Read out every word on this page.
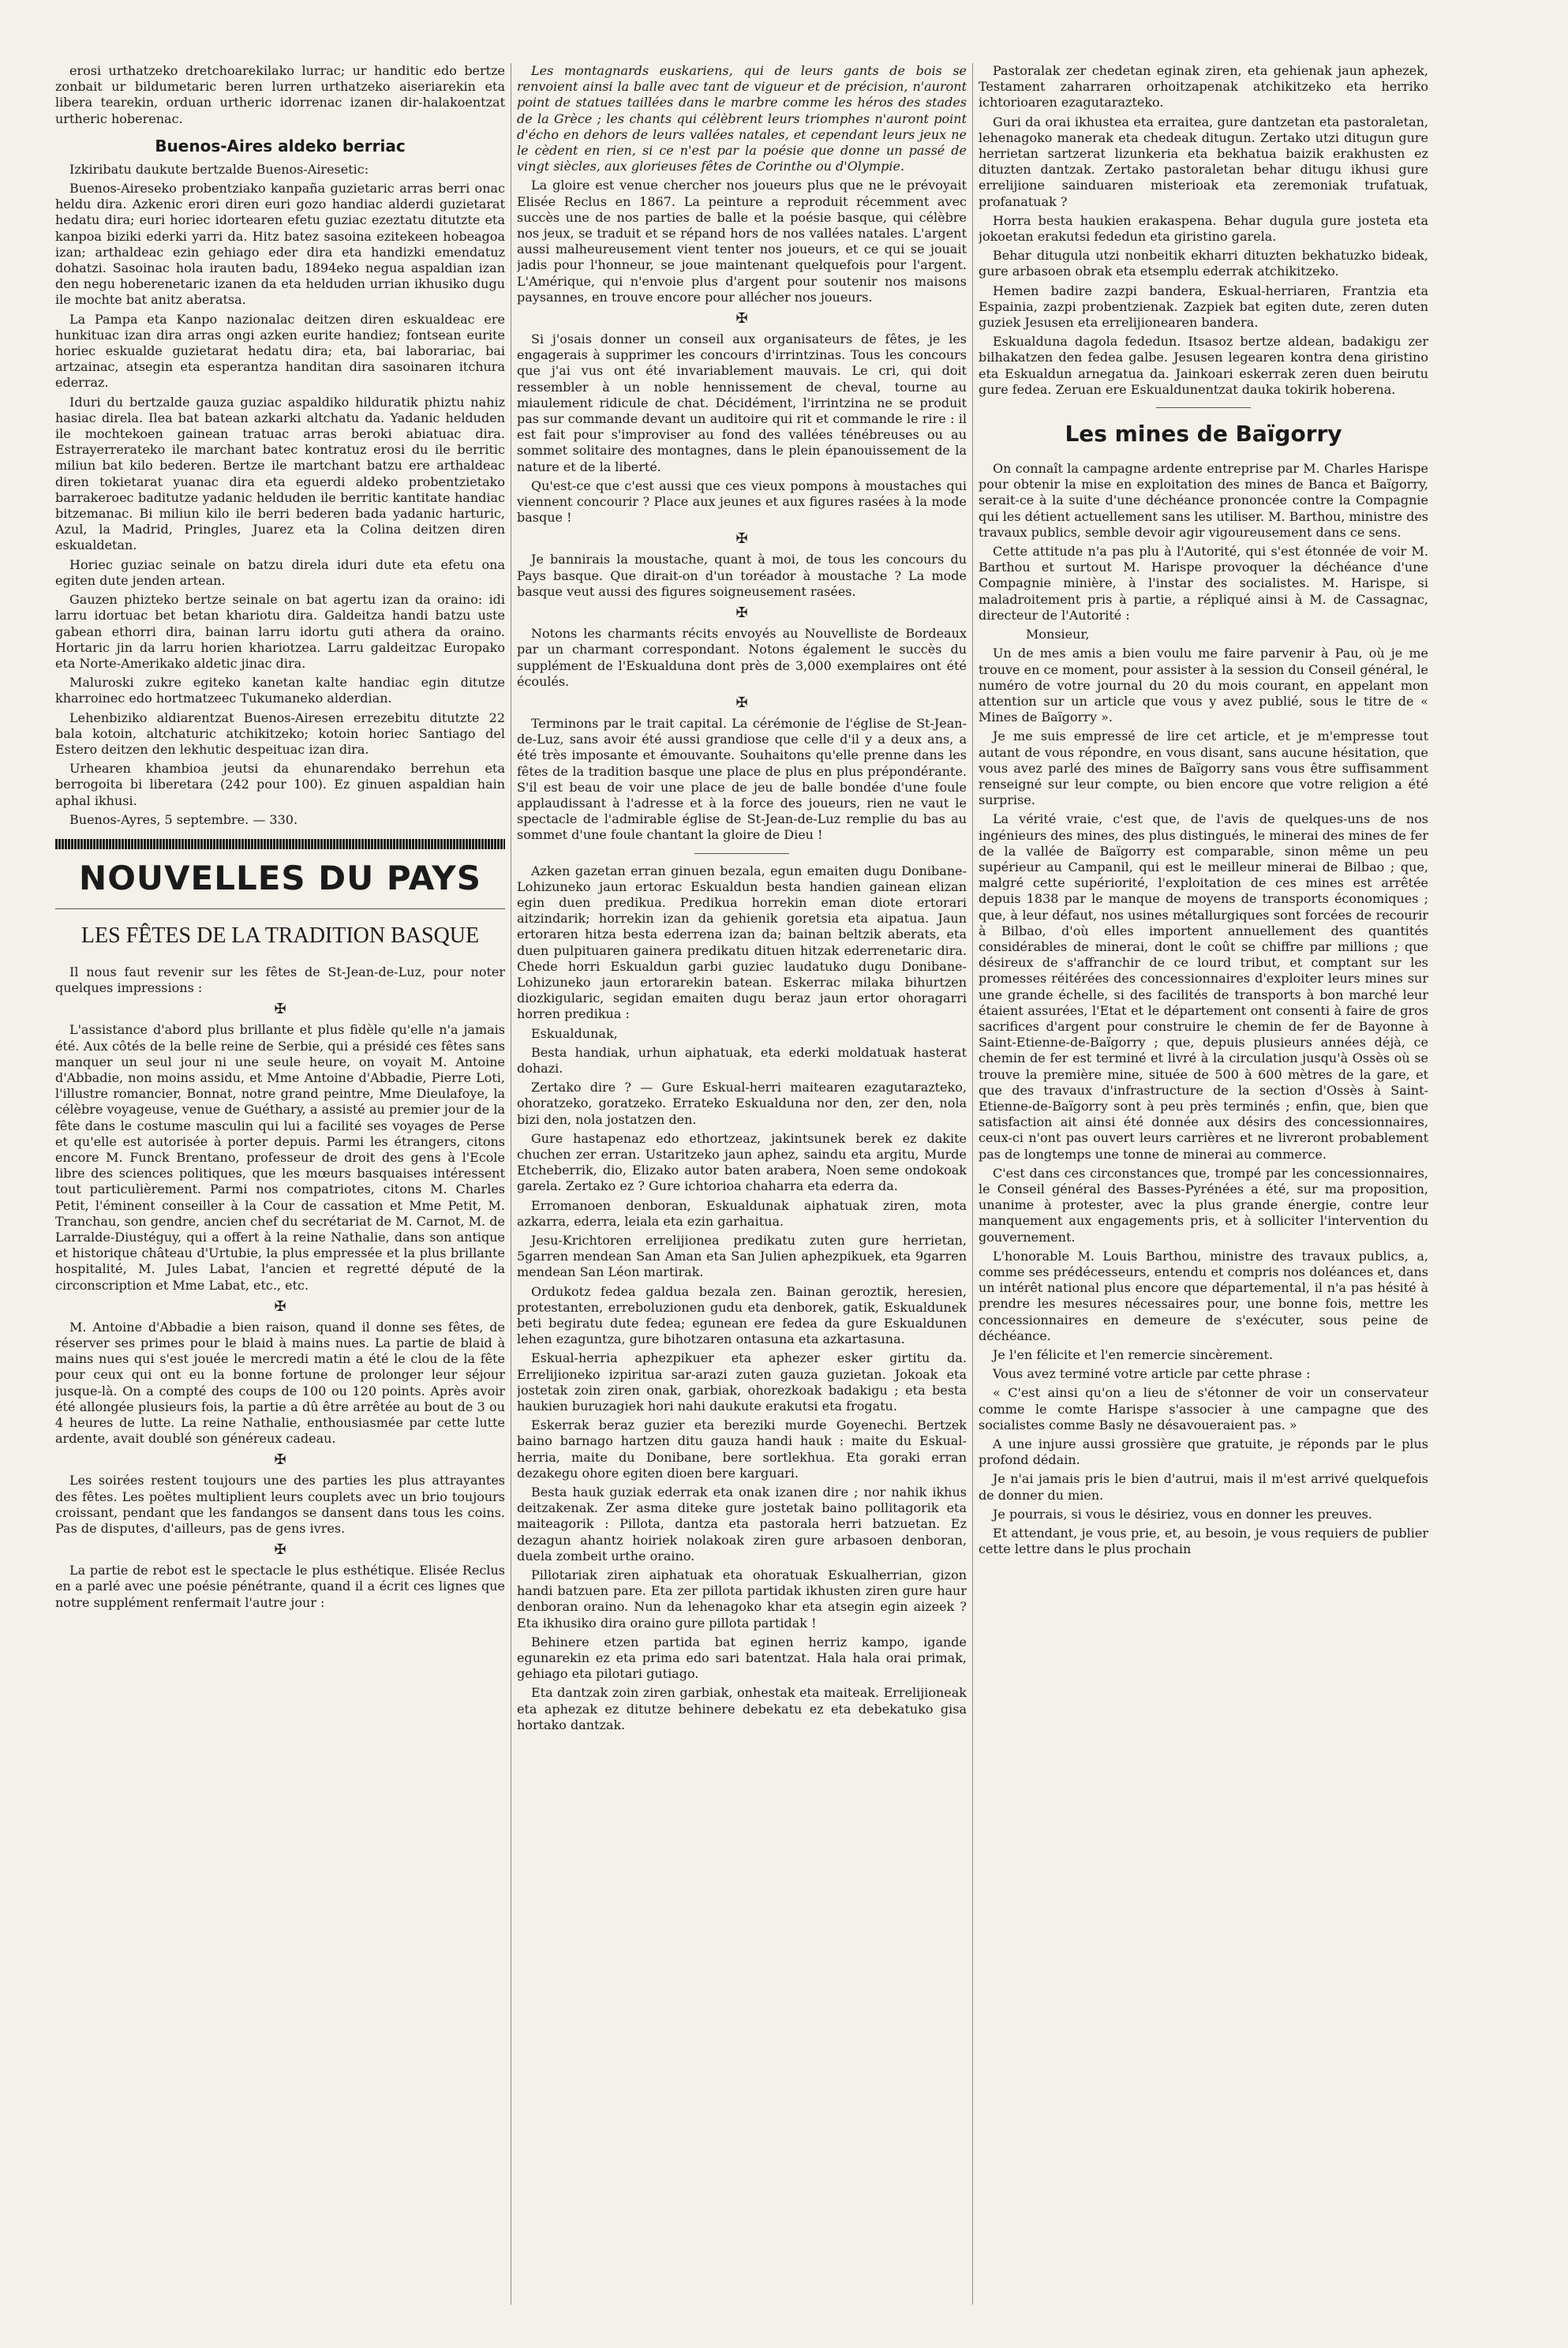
erosi urthatzeko dretchoarekilako lurrac; ur handitic edo bertze zonbait ur bildumetaric beren lurren urthatzeko aiseriarekin eta libera tearekin, orduan urtheric idorrenac izanen dir-halakoentzat urtheric hoberenac.

Buenos-Aires aldeko berriac

Izkiribatu daukute bertzalde Buenos-Airesetic:

Buenos-Aireseko probentziako kanpaña guzietaric arras berri onac heldu dira. Azkenic erori diren euri gozo handiac alderdi guzietarat hedatu dira; euri horiec idortearen efetu guziac ezeztatu ditutzte eta kanpoa biziki ederki yarri da. Hitz batez sasoina ezitekeen hobeagoa izan; arthaldeac ezin gehiago eder dira eta handizki emendatuz dohatzi. Sasoinac hola irauten badu, 1894eko negua aspaldian izan den negu hoberenetaric izanen da eta helduden urrian ikhusiko dugu ile mochte bat anitz aberatsa.

La Pampa eta Kanpo nazionalac deitzen diren eskualdeac ere hunkituac izan dira arras ongi azken eurite handiez; fontsean eurite horiec eskualde guzietarat hedatu dira; eta, bai laborariac, bai artzainac, atsegin eta esperantza handitan dira sasoinaren itchura ederraz.

Iduri du bertzalde gauza guziac aspaldiko hilduratik phiztu nahiz hasiac direla. Ilea bat batean azkarki altchatu da. Yadanic helduden ile mochtekoen gainean tratuac arras beroki abiatuac dira. Estrayerrerateko ile marchant batec kontratuz erosi du ile berritic miliun bat kilo bederen. Bertze ile martchant batzu ere arthaldeac diren tokietarat yuanac dira eta eguerdi aldeko probentzietako barrakeroec baditutze yadanic helduden ile berritic kantitate handiac bitzemanac. Bi miliun kilo ile berri bederen bada yadanic harturic, Azul, la Madrid, Pringles, Juarez eta la Colina deitzen diren eskualdetan.

Horiec guziac seinale on batzu direla iduri dute eta efetu ona egiten dute jenden artean.

Gauzen phizteko bertze seinale on bat agertu izan da oraino: idi larru idortuac bet betan khariotu dira. Galdeitza handi batzu uste gabean ethorri dira, bainan larru idortu guti athera da oraino. Hortaric jin da larru horien khariotzea. Larru galdeitzac Europako eta Norte-Amerikako aldetic jinac dira.

Maluroski zukre egiteko kanetan kalte handiac egin ditutze kharroinec edo hortmatzeec Tukumaneko alderdian.

Lehenbiziko aldiarentzat Buenos-Airesen errezebitu ditutzte 22 bala kotoin, altchaturic atchikitzeko; kotoin horiec Santiago del Estero deitzen den lekhutic despeituac izan dira.

Urhearen khambioa jeutsi da ehunarendako berrehun eta berrogoita bi liberetara (242 pour 100). Ez ginuen aspaldian hain aphal ikhusi.

Buenos-Ayres, 5 septembre. — 330.

NOUVELLES DU PAYS
LES FÊTES DE LA TRADITION BASQUE

Il nous faut revenir sur les fêtes de St-Jean-de-Luz, pour noter quelques impressions :

✠

L'assistance d'abord plus brillante et plus fidèle qu'elle n'a jamais été. Aux côtés de la belle reine de Serbie, qui a présidé ces fêtes sans manquer un seul jour ni une seule heure, on voyait M. Antoine d'Abbadie, non moins assidu, et Mme Antoine d'Abbadie, Pierre Loti, l'illustre romancier, Bonnat, notre grand peintre, Mme Dieulafoye, la célèbre voyageuse, venue de Guéthary, a assisté au premier jour de la fête dans le costume masculin qui lui a facilité ses voyages de Perse et qu'elle est autorisée à porter depuis. Parmi les étrangers, citons encore M. Funck Brentano, professeur de droit des gens à l'Ecole libre des sciences politiques, que les mœurs basquaises intéressent tout particulièrement. Parmi nos compatriotes, citons M. Charles Petit, l'éminent conseiller à la Cour de cassation et Mme Petit, M. Tranchau, son gendre, ancien chef du secrétariat de M. Carnot, M. de Larralde-Diustéguy, qui a offert à la reine Nathalie, dans son antique et historique château d'Urtubie, la plus empressée et la plus brillante hospitalité, M. Jules Labat, l'ancien et regretté député de la circonscription et Mme Labat, etc., etc.

✠

M. Antoine d'Abbadie a bien raison, quand il donne ses fêtes, de réserver ses primes pour le blaid à mains nues. La partie de blaid à mains nues qui s'est jouée le mercredi matin a été le clou de la fête pour ceux qui ont eu la bonne fortune de prolonger leur séjour jusque-là. On a compté des coups de 100 ou 120 points. Après avoir été allongée plusieurs fois, la partie a dû être arrêtée au bout de 3 ou 4 heures de lutte. La reine Nathalie, enthousiasmée par cette lutte ardente, avait doublé son généreux cadeau.

✠

Les soirées restent toujours une des parties les plus attrayantes des fêtes. Les poëtes multiplient leurs couplets avec un brio toujours croissant, pendant que les fandangos se dansent dans tous les coins. Pas de disputes, d'ailleurs, pas de gens ivres.

✠

La partie de rebot est le spectacle le plus esthétique. Elisée Reclus en a parlé avec une poésie pénétrante, quand il a écrit ces lignes que notre supplément renfermait l'autre jour :

Les montagnards euskariens, qui de leurs gants de bois se renvoient ainsi la balle avec tant de vigueur et de précision, n'auront point de statues taillées dans le marbre comme les héros des stades de la Grèce ; les chants qui célèbrent leurs triomphes n'auront point d'écho en dehors de leurs vallées natales, et cependant leurs jeux ne le cèdent en rien, si ce n'est par la poésie que donne un passé de vingt siècles, aux glorieuses fêtes de Corinthe ou d'Olympie.

La gloire est venue chercher nos joueurs plus que ne le prévoyait Elisée Reclus en 1867. La peinture a reproduit récemment avec succès une de nos parties de balle et la poésie basque, qui célèbre nos jeux, se traduit et se répand hors de nos vallées natales. L'argent aussi malheureusement vient tenter nos joueurs, et ce qui se jouait jadis pour l'honneur, se joue maintenant quelquefois pour l'argent. L'Amérique, qui n'envoie plus d'argent pour soutenir nos maisons paysannes, en trouve encore pour allécher nos joueurs.

✠

Si j'osais donner un conseil aux organisateurs de fêtes, je les engagerais à supprimer les concours d'irrintzinas. Tous les concours que j'ai vus ont été invariablement mauvais. Le cri, qui doit ressembler à un noble hennissement de cheval, tourne au miaulement ridicule de chat. Décidément, l'irrintzina ne se produit pas sur commande devant un auditoire qui rit et commande le rire : il est fait pour s'improviser au fond des vallées ténébreuses ou au sommet solitaire des montagnes, dans le plein épanouissement de la nature et de la liberté.

Qu'est-ce que c'est aussi que ces vieux pompons à moustaches qui viennent concourir ? Place aux jeunes et aux figures rasées à la mode basque !

✠

Je bannirais la moustache, quant à moi, de tous les concours du Pays basque. Que dirait-on d'un toréador à moustache ? La mode basque veut aussi des figures soigneusement rasées.

✠

Notons les charmants récits envoyés au Nouvelliste de Bordeaux par un charmant correspondant. Notons également le succès du supplément de l'Eskualduna dont près de 3,000 exemplaires ont été écoulés.

✠

Terminons par le trait capital. La cérémonie de l'église de St-Jean-de-Luz, sans avoir été aussi grandiose que celle d'il y a deux ans, a été très imposante et émouvante. Souhaitons qu'elle prenne dans les fêtes de la tradition basque une place de plus en plus prépondérante. S'il est beau de voir une place de jeu de balle bondée d'une foule applaudissant à l'adresse et à la force des joueurs, rien ne vaut le spectacle de l'admirable église de St-Jean-de-Luz remplie du bas au sommet d'une foule chantant la gloire de Dieu !

Azken gazetan erran ginuen bezala, egun emaiten dugu Donibane-Lohizuneko jaun ertorac Eskualdun besta handien gainean elizan egin duen predikua. Predikua horrekin eman diote ertorari aitzindarik; horrekin izan da gehienik goretsia eta aipatua. Jaun ertoraren hitza besta ederrena izan da; bainan beltzik aberats, eta duen pulpituaren gainera predikatu dituen hitzak ederrenetaric dira. Chede horri Eskualdun garbi guziec laudatuko dugu Donibane-Lohizuneko jaun ertorarekin batean. Eskerrac milaka bihurtzen diozkigularic, segidan emaiten dugu beraz jaun ertor ohoragarri horren predikua :

Eskualdunak,

Besta handiak, urhun aiphatuak, eta ederki moldatuak hasterat dohazi.

Zertako dire ? — Gure Eskual-herri maitearen ezagutarazteko, ohoratzeko, goratzeko. Errateko Eskualduna nor den, zer den, nola bizi den, nola jostatzen den.

Gure hastapenaz edo ethortzeaz, jakintsunek berek ez dakite chuchen zer erran. Ustaritzeko jaun aphez, saindu eta argitu, Murde Etcheberrik, dio, Elizako autor baten arabera, Noen seme ondokoak garela. Zertako ez ? Gure ichtorioa chaharra eta ederra da.

Erromanoen denboran, Eskualdunak aiphatuak ziren, mota azkarra, ederra, leiala eta ezin garhaitua.

Jesu-Krichtoren errelijionea predikatu zuten gure herrietan, 5garren mendean San Aman eta San Julien aphezpikuek, eta 9garren mendean San Léon martirak.

Ordukotz fedea galdua bezala zen. Bainan geroztik, heresien, protestanten, erreboluzionen gudu eta denborek, gatik, Eskualdunek beti begiratu dute fedea; egunean ere fedea da gure Eskualdunen lehen ezaguntza, gure bihotzaren ontasuna eta azkartasuna.

Eskual-herria aphezpikuer eta aphezer esker girtitu da. Errelijioneko izpiritua sar-arazi zuten gauza guzietan. Jokoak eta jostetak zoin ziren onak, garbiak, ohorezkoak badakigu ; eta besta haukien buruzagiek hori nahi daukute erakutsi eta frogatu.

Eskerrak beraz guzier eta bereziki murde Goyenechi. Bertzek baino barnago hartzen ditu gauza handi hauk : maite du Eskual-herria, maite du Donibane, bere sortlekhua. Eta goraki erran dezakegu ohore egiten dioen bere karguari.

Besta hauk guziak ederrak eta onak izanen dire ; nor nahik ikhus deitzakenak. Zer asma diteke gure jostetak baino pollitagorik eta maiteagorik : Pillota, dantza eta pastorala herri batzuetan. Ez dezagun ahantz hoiriek nolakoak ziren gure arbasoen denboran, duela zombeit urthe oraino.

Pillotariak ziren aiphatuak eta ohoratuak Eskualherrian, gizon handi batzuen pare. Eta zer pillota partidak ikhusten ziren gure haur denboran oraino. Nun da lehenagoko khar eta atsegin egin aizeek ? Eta ikhusiko dira oraino gure pillota partidak !

Behinere etzen partida bat eginen herriz kampo, igande egunarekin ez eta prima edo sari batentzat. Hala hala orai primak, gehiago eta pilotari gutiago.

Eta dantzak zoin ziren garbiak, onhestak eta maiteak. Errelijioneak eta aphezak ez ditutze behinere debekatu ez eta debekatuko gisa hortako dantzak.

Pastoralak zer chedetan eginak ziren, eta gehienak jaun aphezek, Testament zaharraren orhoitzapenak atchikitzeko eta herriko ichtorioaren ezagutarazteko.

Guri da orai ikhustea eta erraitea, gure dantzetan eta pastoraletan, lehenagoko manerak eta chedeak ditugun. Zertako utzi ditugun gure herrietan sartzerat lizunkeria eta bekhatua baizik erakhusten ez dituzten dantzak. Zertako pastoraletan behar ditugu ikhusi gure errelijione sainduaren misterioak eta zeremoniak trufatuak, profanatuak ?

Horra besta haukien erakaspena. Behar dugula gure josteta eta jokoetan erakutsi fededun eta giristino garela.

Behar ditugula utzi nonbeitik ekharri dituzten bekhatuzko bideak, gure arbasoen obrak eta etsemplu ederrak atchikitzeko.

Hemen badire zazpi bandera, Eskual-herriaren, Frantzia eta Espainia, zazpi probentzienak. Zazpiek bat egiten dute, zeren duten guziek Jesusen eta errelijionearen bandera.

Eskualduna dagola fededun. Itsasoz bertze aldean, badakigu zer bilhakatzen den fedea galbe. Jesusen legearen kontra dena giristino eta Eskualdun arnegatua da. Jainkoari eskerrak zeren duen beirutu gure fedea. Zeruan ere Eskualdunentzat dauka tokirik hoberena.

Les mines de Baïgorry

On connaît la campagne ardente entreprise par M. Charles Harispe pour obtenir la mise en exploitation des mines de Banca et Baïgorry, serait-ce à la suite d'une déchéance prononcée contre la Compagnie qui les détient actuellement sans les utiliser. M. Barthou, ministre des travaux publics, semble devoir agir vigoureusement dans ce sens.

Cette attitude n'a pas plu à l'Autorité, qui s'est étonnée de voir M. Barthou et surtout M. Harispe provoquer la déchéance d'une Compagnie minière, à l'instar des socialistes. M. Harispe, si maladroitement pris à partie, a répliqué ainsi à M. de Cassagnac, directeur de l'Autorité :

Monsieur,

Un de mes amis a bien voulu me faire parvenir à Pau, où je me trouve en ce moment, pour assister à la session du Conseil général, le numéro de votre journal du 20 du mois courant, en appelant mon attention sur un article que vous y avez publié, sous le titre de « Mines de Baïgorry ».

Je me suis empressé de lire cet article, et je m'empresse tout autant de vous répondre, en vous disant, sans aucune hésitation, que vous avez parlé des mines de Baïgorry sans vous être suffisamment renseigné sur leur compte, ou bien encore que votre religion a été surprise.

La vérité vraie, c'est que, de l'avis de quelques-uns de nos ingénieurs des mines, des plus distingués, le minerai des mines de fer de la vallée de Baïgorry est comparable, sinon même un peu supérieur au Campanil, qui est le meilleur minerai de Bilbao ; que, malgré cette supériorité, l'exploitation de ces mines est arrêtée depuis 1838 par le manque de moyens de transports économiques ; que, à leur défaut, nos usines métallurgiques sont forcées de recourir à Bilbao, d'où elles importent annuellement des quantités considérables de minerai, dont le coût se chiffre par millions ; que désireux de s'affranchir de ce lourd tribut, et comptant sur les promesses réitérées des concessionnaires d'exploiter leurs mines sur une grande échelle, si des facilités de transports à bon marché leur étaient assurées, l'Etat et le département ont consenti à faire de gros sacrifices d'argent pour construire le chemin de fer de Bayonne à Saint-Etienne-de-Baïgorry ; que, depuis plusieurs années déjà, ce chemin de fer est terminé et livré à la circulation jusqu'à Ossès où se trouve la première mine, située de 500 à 600 mètres de la gare, et que des travaux d'infrastructure de la section d'Ossès à Saint-Etienne-de-Baïgorry sont à peu près terminés ; enfin, que, bien que satisfaction ait ainsi été donnée aux désirs des concessionnaires, ceux-ci n'ont pas ouvert leurs carrières et ne livreront probablement pas de longtemps une tonne de minerai au commerce.

C'est dans ces circonstances que, trompé par les concessionnaires, le Conseil général des Basses-Pyrénées a été, sur ma proposition, unanime à protester, avec la plus grande énergie, contre leur manquement aux engagements pris, et à solliciter l'intervention du gouvernement.

L'honorable M. Louis Barthou, ministre des travaux publics, a, comme ses prédécesseurs, entendu et compris nos doléances et, dans un intérêt national plus encore que départemental, il n'a pas hésité à prendre les mesures nécessaires pour, une bonne fois, mettre les concessionnaires en demeure de s'exécuter, sous peine de déchéance.

Je l'en félicite et l'en remercie sincèrement.

Vous avez terminé votre article par cette phrase :

« C'est ainsi qu'on a lieu de s'étonner de voir un conservateur comme le comte Harispe s'associer à une campagne que des socialistes comme Basly ne désavoueraient pas. »

A une injure aussi grossière que gratuite, je réponds par le plus profond dédain.

Je n'ai jamais pris le bien d'autrui, mais il m'est arrivé quelquefois de donner du mien.

Je pourrais, si vous le désiriez, vous en donner les preuves.

Et attendant, je vous prie, et, au besoin, je vous requiers de publier cette lettre dans le plus prochain
